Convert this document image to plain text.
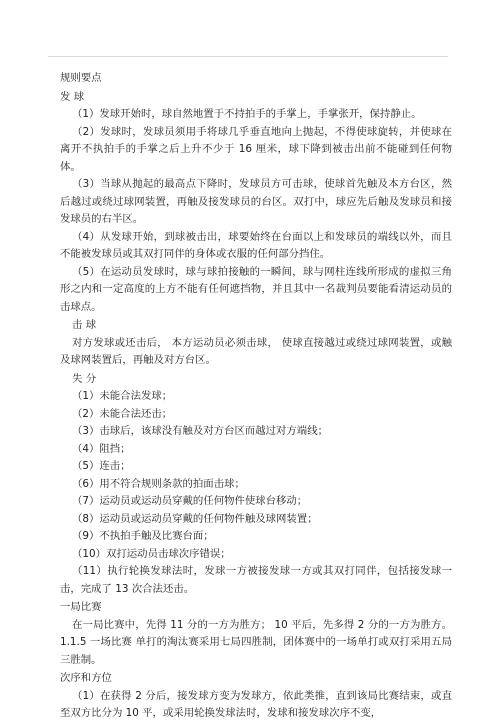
规则要点

发 球

（1）发球开始时，球自然地置于不持拍手的手掌上，手掌张开，保持静止。

（2）发球时，发球员须用手将球几乎垂直地向上抛起，不得使球旋转，并使球在离开不执拍手的手掌之后上升不少于 16 厘米，球下降到被击出前不能碰到任何物体。

（3）当球从抛起的最高点下降时，发球员方可击球，使球首先触及本方台区，然后越过或绕过球网装置，再触及接发球员的台区。双打中，球应先后触及发球员和接发球员的右半区。

（4）从发球开始，到球被击出，球要始终在台面以上和发球员的端线以外，而且不能被发球员或其双打同伴的身体或衣服的任何部分挡住。

（5）在运动员发球时，球与球拍接触的一瞬间，球与网柱连线所形成的虚拟三角形之内和一定高度的上方不能有任何遮挡物，并且其中一名裁判员要能看清运动员的击球点。

击 球

对方发球或还击后， 本方运动员必须击球， 使球直接越过或绕过球网装置，或触及球网装置后，再触及对方台区。

失 分

（1）未能合法发球；

（2）未能合法还击；

（3）击球后，该球没有触及对方台区而越过对方端线；

（4）阻挡；

（5）连击；

（6）用不符合规则条款的拍面击球；

（7）运动员或运动员穿戴的任何物件使球台移动；

（8）运动员或运动员穿戴的任何物件触及球网装置；

（9）不执拍手触及比赛台面；

（10）双打运动员击球次序错误；

（11）执行轮换发球法时，发球一方被接发球一方或其双打同伴，包括接发球一击，完成了 13 次合法还击。

一局比赛

在一局比赛中，先得 11 分的一方为胜方； 10 平后，先多得 2 分的一方为胜方。 1.1.5 一场比赛 单打的淘汰赛采用七局四胜制，团体赛中的一场单打或双打采用五局三胜制。

次序和方位

（1）在获得 2 分后，接发球方变为发球方，依此类推，直到该局比赛结束，或直至双方比分为 10 平，或采用轮换发球法时，发球和接发球次序不变，
